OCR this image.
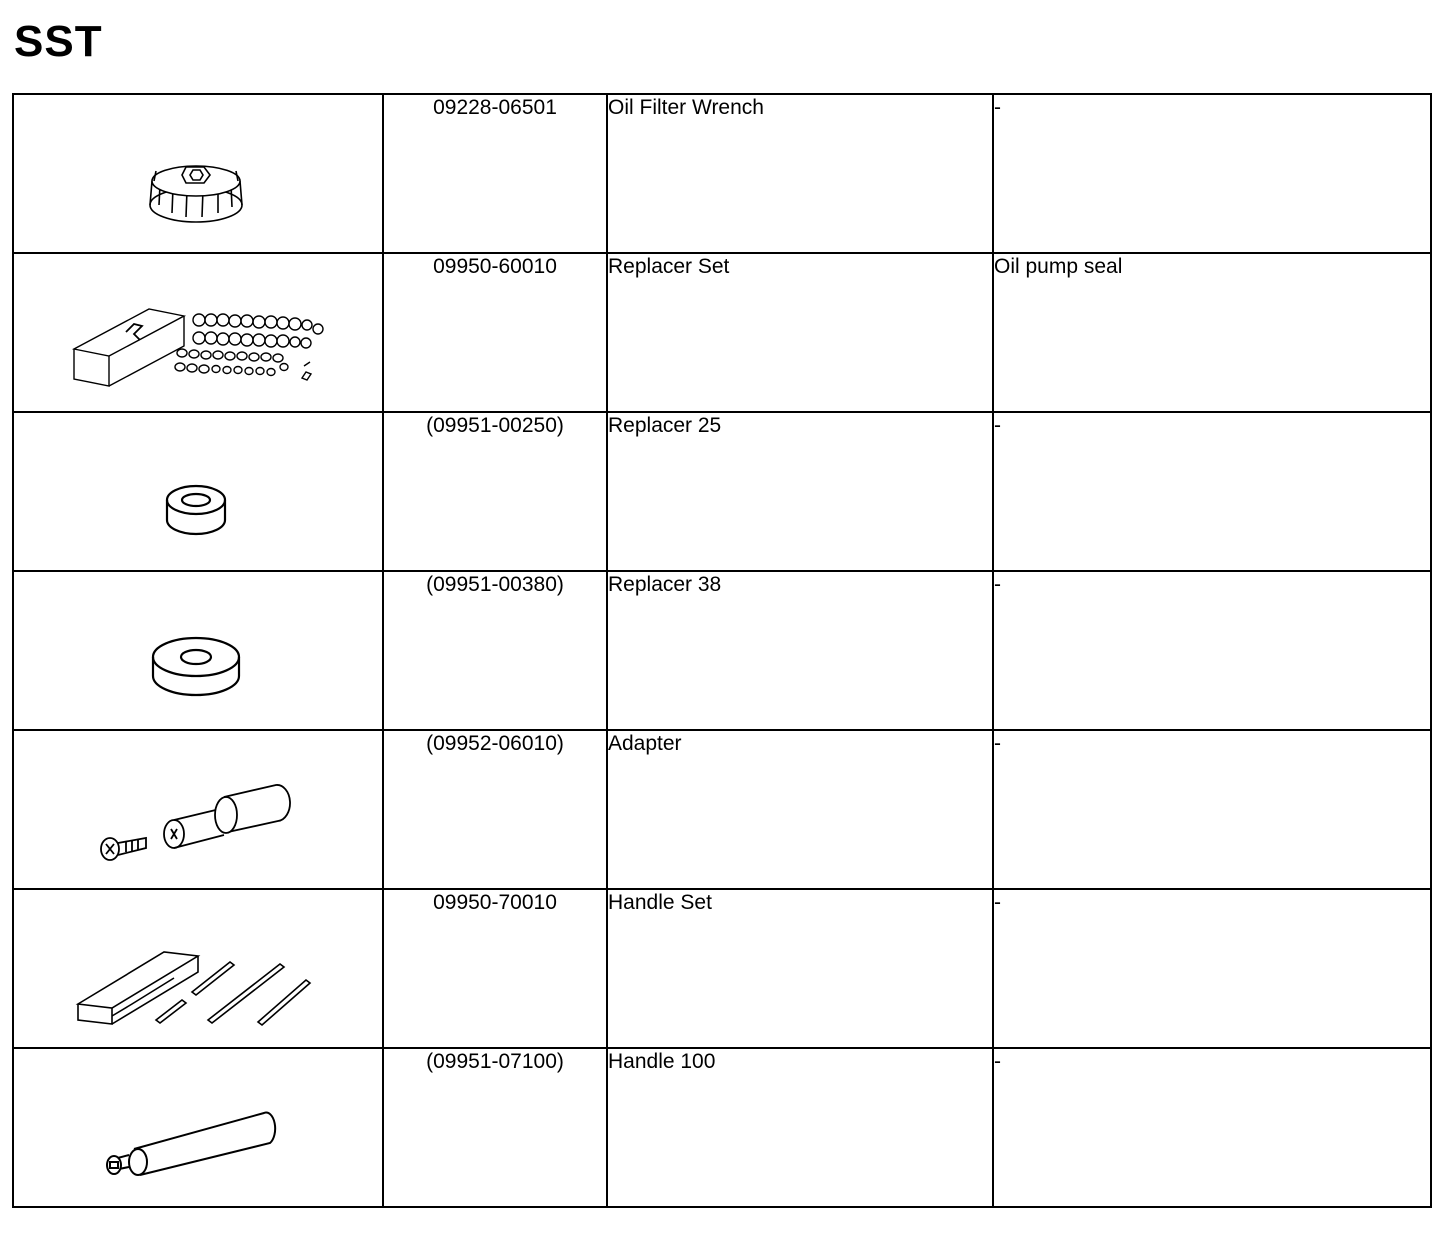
SST
	09228-06501	Oil Filter Wrench	-

	09950-60010	Replacer Set	Oil pump seal

	(09951-00250)	Replacer 25	-

	(09951-00380)	Replacer 38	-

	(09952-06010)	Adapter	-

	09950-70010	Handle Set	-

	(09951-07100)	Handle 100	-
